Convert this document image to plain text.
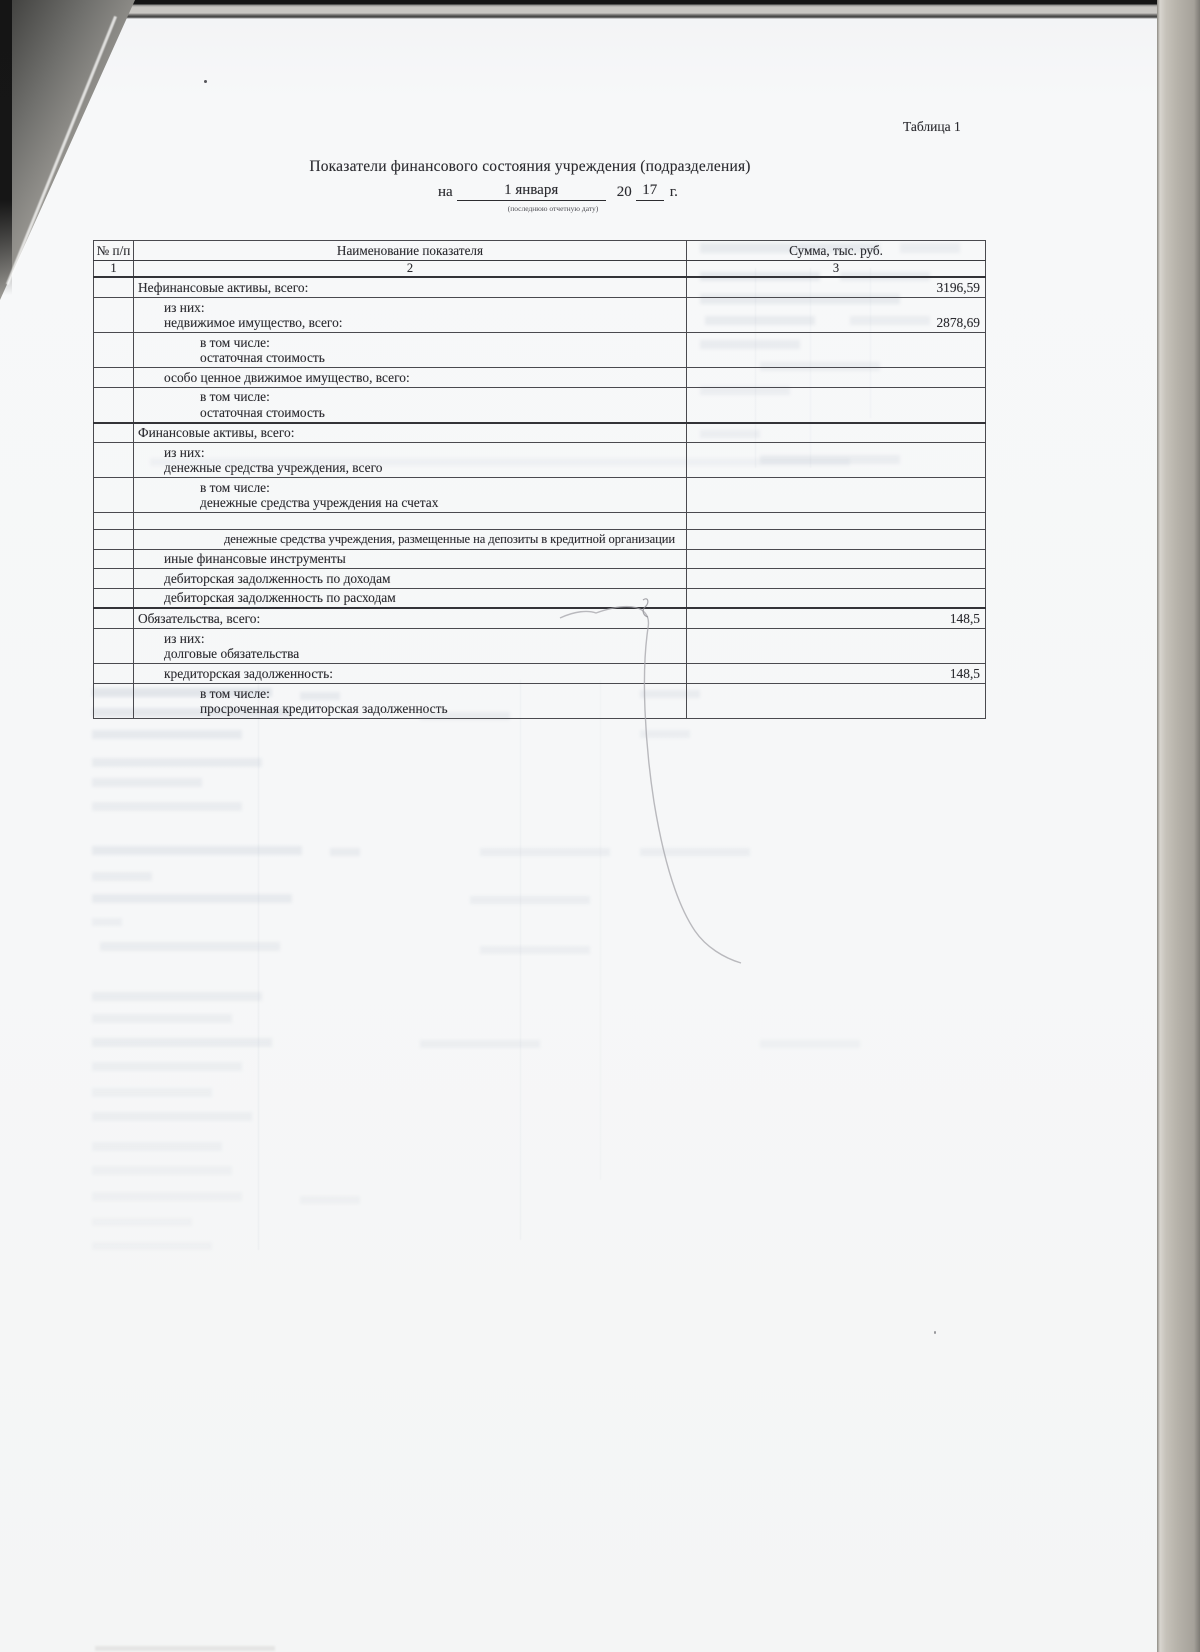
Таблица 1
Показатели финансового состояния учреждения (подразделения)
на	1 января	20 17 г.
(последнюю отчетную дату)
№ п/п	Наименование показателя	Сумма, тыс. руб.
1	2	3

	Нефинансовые активы, всего:	3196,59

	из них:
недвижимое имущество, всего:	2878,69

	в том числе:
остаточная стоимость	

	особо ценное движимое имущество, всего:	

	в том числе:
остаточная стоимость	

	Финансовые активы, всего:	

	из них:
денежные средства учреждения, всего	

	в том числе:
денежные средства учреждения на счетах	

	денежные средства учреждения, размещенные на депозиты в кредитной организации	

	иные финансовые инструменты	

	дебиторская задолженность по доходам	

	дебиторская задолженность по расходам	

	Обязательства, всего:	148,5

	из них:
долговые обязательства	

	кредиторская задолженность:	148,5

	в том числе:
просроченная кредиторская задолженность	
